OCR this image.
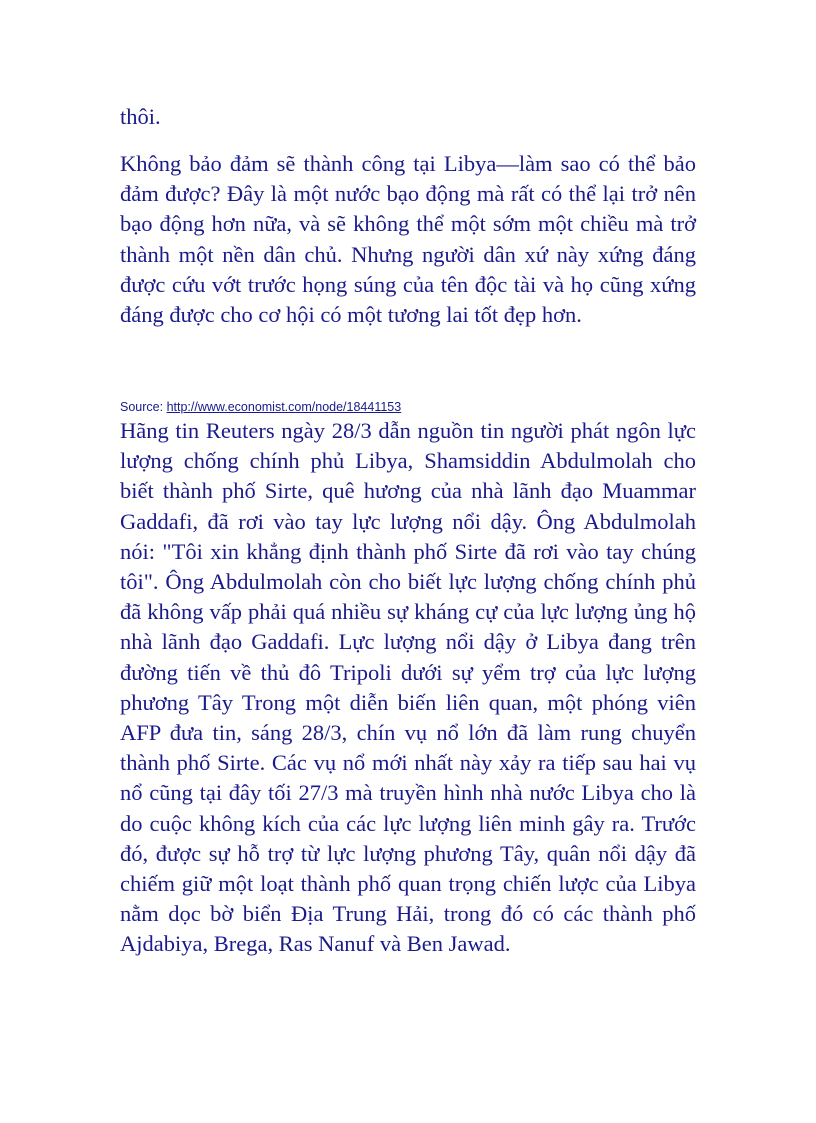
thôi.

Không bảo đảm sẽ thành công tại Libya—làm sao có thể bảo đảm được? Đây là một nước bạo động mà rất có thể lại trở nên bạo động hơn nữa, và sẽ không thể một sớm một chiều mà trở thành một nền dân chủ. Nhưng người dân xứ này xứng đáng được cứu vớt trước họng súng của tên độc tài và họ cũng xứng đáng được cho cơ hội có một tương lai tốt đẹp hơn.

Source: http://www.economist.com/node/18441153

Hãng tin Reuters ngày 28/3 dẫn nguồn tin người phát ngôn lực lượng chống chính phủ Libya, Shamsiddin Abdulmolah cho biết thành phố Sirte, quê hương của nhà lãnh đạo Muammar Gaddafi, đã rơi vào tay lực lượng nổi dậy. Ông Abdulmolah nói: "Tôi xin khẳng định thành phố Sirte đã rơi vào tay chúng tôi". Ông Abdulmolah còn cho biết lực lượng chống chính phủ đã không vấp phải quá nhiều sự kháng cự của lực lượng ủng hộ nhà lãnh đạo Gaddafi. Lực lượng nổi dậy ở Libya đang trên đường tiến về thủ đô Tripoli dưới sự yểm trợ của lực lượng phương Tây Trong một diễn biến liên quan, một phóng viên AFP đưa tin, sáng 28/3, chín vụ nổ lớn đã làm rung chuyển thành phố Sirte. Các vụ nổ mới nhất này xảy ra tiếp sau hai vụ nổ cũng tại đây tối 27/3 mà truyền hình nhà nước Libya cho là do cuộc không kích của các lực lượng liên minh gây ra. Trước đó, được sự hỗ trợ từ lực lượng phương Tây, quân nổi dậy đã chiếm giữ một loạt thành phố quan trọng chiến lược của Libya nằm dọc bờ biển Địa Trung Hải, trong đó có các thành phố Ajdabiya, Brega, Ras Nanuf và Ben Jawad.
